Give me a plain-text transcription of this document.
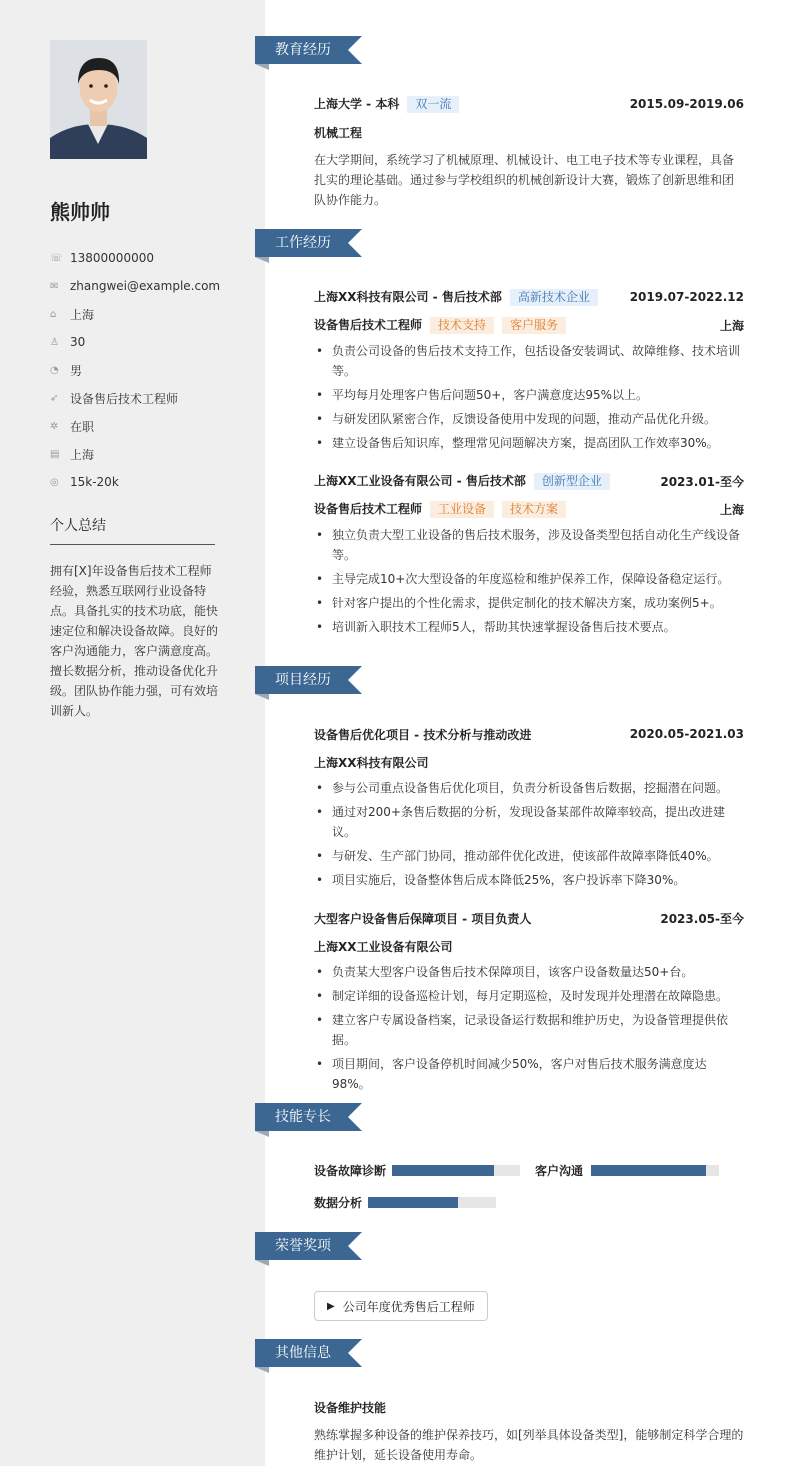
熊帅帅
☏ 13800000000
✉ zhangwei@example.com
⌂	上海
♙ 30
◔ 男
➶ 设备售后技术工程师
✲ 在职
▤ 上海
◎ 15k-20k
个人总结
拥有[X]年设备售后技术工程师经验，熟悉互联网行业设备特点。具备扎实的技术功底，能快速定位和解决设备故障。良好的客户沟通能力，客户满意度高。擅长数据分析，推动设备优化升级。团队协作能力强，可有效培训新人。
教育经历
上海大学 - 本科 双一流	2015.09-2019.06
机械工程
在大学期间，系统学习了机械原理、机械设计、电工电子技术等专业课程，具备扎实的理论基础。通过参与学校组织的机械创新设计大赛，锻炼了创新思维和团队协作能力。
工作经历
上海XX科技有限公司 - 售后技术部 高新技术企业	2019.07-2022.12
设备售后技术工程师 技术支持 客户服务	上海
• 负责公司设备的售后技术支持工作，包括设备安装调试、故障维修、技术培训等。
• 平均每月处理客户售后问题50+，客户满意度达95%以上。
• 与研发团队紧密合作，反馈设备使用中发现的问题，推动产品优化升级。
• 建立设备售后知识库，整理常见问题解决方案，提高团队工作效率30%。
上海XX工业设备有限公司 - 售后技术部 创新型企业	2023.01-至今
设备售后技术工程师 工业设备 技术方案	上海
• 独立负责大型工业设备的售后技术服务，涉及设备类型包括自动化生产线设备等。
• 主导完成10+次大型设备的年度巡检和维护保养工作，保障设备稳定运行。
• 针对客户提出的个性化需求，提供定制化的技术解决方案，成功案例5+。
• 培训新入职技术工程师5人，帮助其快速掌握设备售后技术要点。
项目经历
设备售后优化项目 - 技术分析与推动改进	2020.05-2021.03
上海XX科技有限公司
• 参与公司重点设备售后优化项目，负责分析设备售后数据，挖掘潜在问题。
• 通过对200+条售后数据的分析，发现设备某部件故障率较高，提出改进建议。
• 与研发、生产部门协同，推动部件优化改进，使该部件故障率降低40%。
• 项目实施后，设备整体售后成本降低25%，客户投诉率下降30%。
大型客户设备售后保障项目 - 项目负责人	2023.05-至今
上海XX工业设备有限公司
• 负责某大型客户设备售后技术保障项目，该客户设备数量达50+台。
• 制定详细的设备巡检计划，每月定期巡检，及时发现并处理潜在故障隐患。
• 建立客户专属设备档案，记录设备运行数据和维护历史，为设备管理提供依据。
• 项目期间，客户设备停机时间减少50%，客户对售后技术服务满意度达98%。
技能专长
设备故障诊断	客户沟通
数据分析
荣誉奖项
▶ 公司年度优秀售后工程师
其他信息
设备维护技能
熟练掌握多种设备的维护保养技巧，如[列举具体设备类型]，能够制定科学合理的维护计划，延长设备使用寿命。
